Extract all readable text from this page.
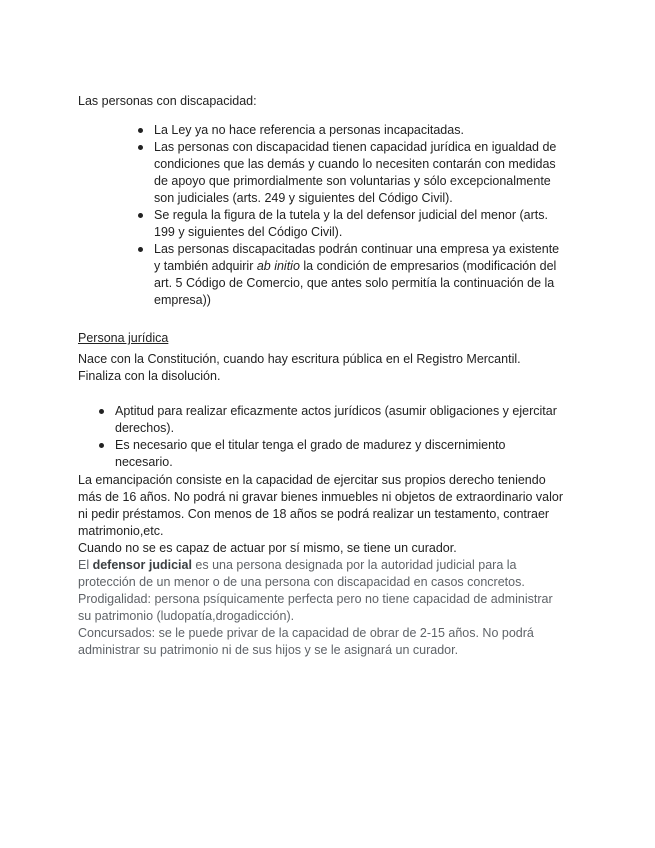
Las personas con discapacidad:
La Ley ya no hace referencia a personas incapacitadas.
Las personas con discapacidad tienen capacidad jurídica en igualdad de
condiciones que las demás y cuando lo necesiten contarán con medidas
de apoyo que primordialmente son voluntarias y sólo excepcionalmente
son judiciales (arts. 249 y siguientes del Código Civil).
Se regula la figura de la tutela y la del defensor judicial del menor (arts.
199 y siguientes del Código Civil).
Las personas discapacitadas podrán continuar una empresa ya existente
y también adquirir ab initio la condición de empresarios (modificación del
art. 5 Código de Comercio, que antes solo permitía la continuación de la
empresa))
Persona jurídica
Nace con la Constitución, cuando hay escritura pública en el Registro Mercantil.
Finaliza con la disolución.
Aptitud para realizar eficazmente actos jurídicos (asumir obligaciones y ejercitar
derechos).
Es necesario que el titular tenga el grado de madurez y discernimiento
necesario.
La emancipación consiste en la capacidad de ejercitar sus propios derecho teniendo
más de 16 años. No podrá ni gravar bienes inmuebles ni objetos de extraordinario valor
ni pedir préstamos. Con menos de 18 años se podrá realizar un testamento, contraer
matrimonio,etc.
Cuando no se es capaz de actuar por sí mismo, se tiene un curador.
El defensor judicial es una persona designada por la autoridad judicial para la
protección de un menor o de una persona con discapacidad en casos concretos.
Prodigalidad: persona psíquicamente perfecta pero no tiene capacidad de administrar
su patrimonio (ludopatía,drogadicción).
Concursados: se le puede privar de la capacidad de obrar de 2-15 años. No podrá
administrar su patrimonio ni de sus hijos y se le asignará un curador.
